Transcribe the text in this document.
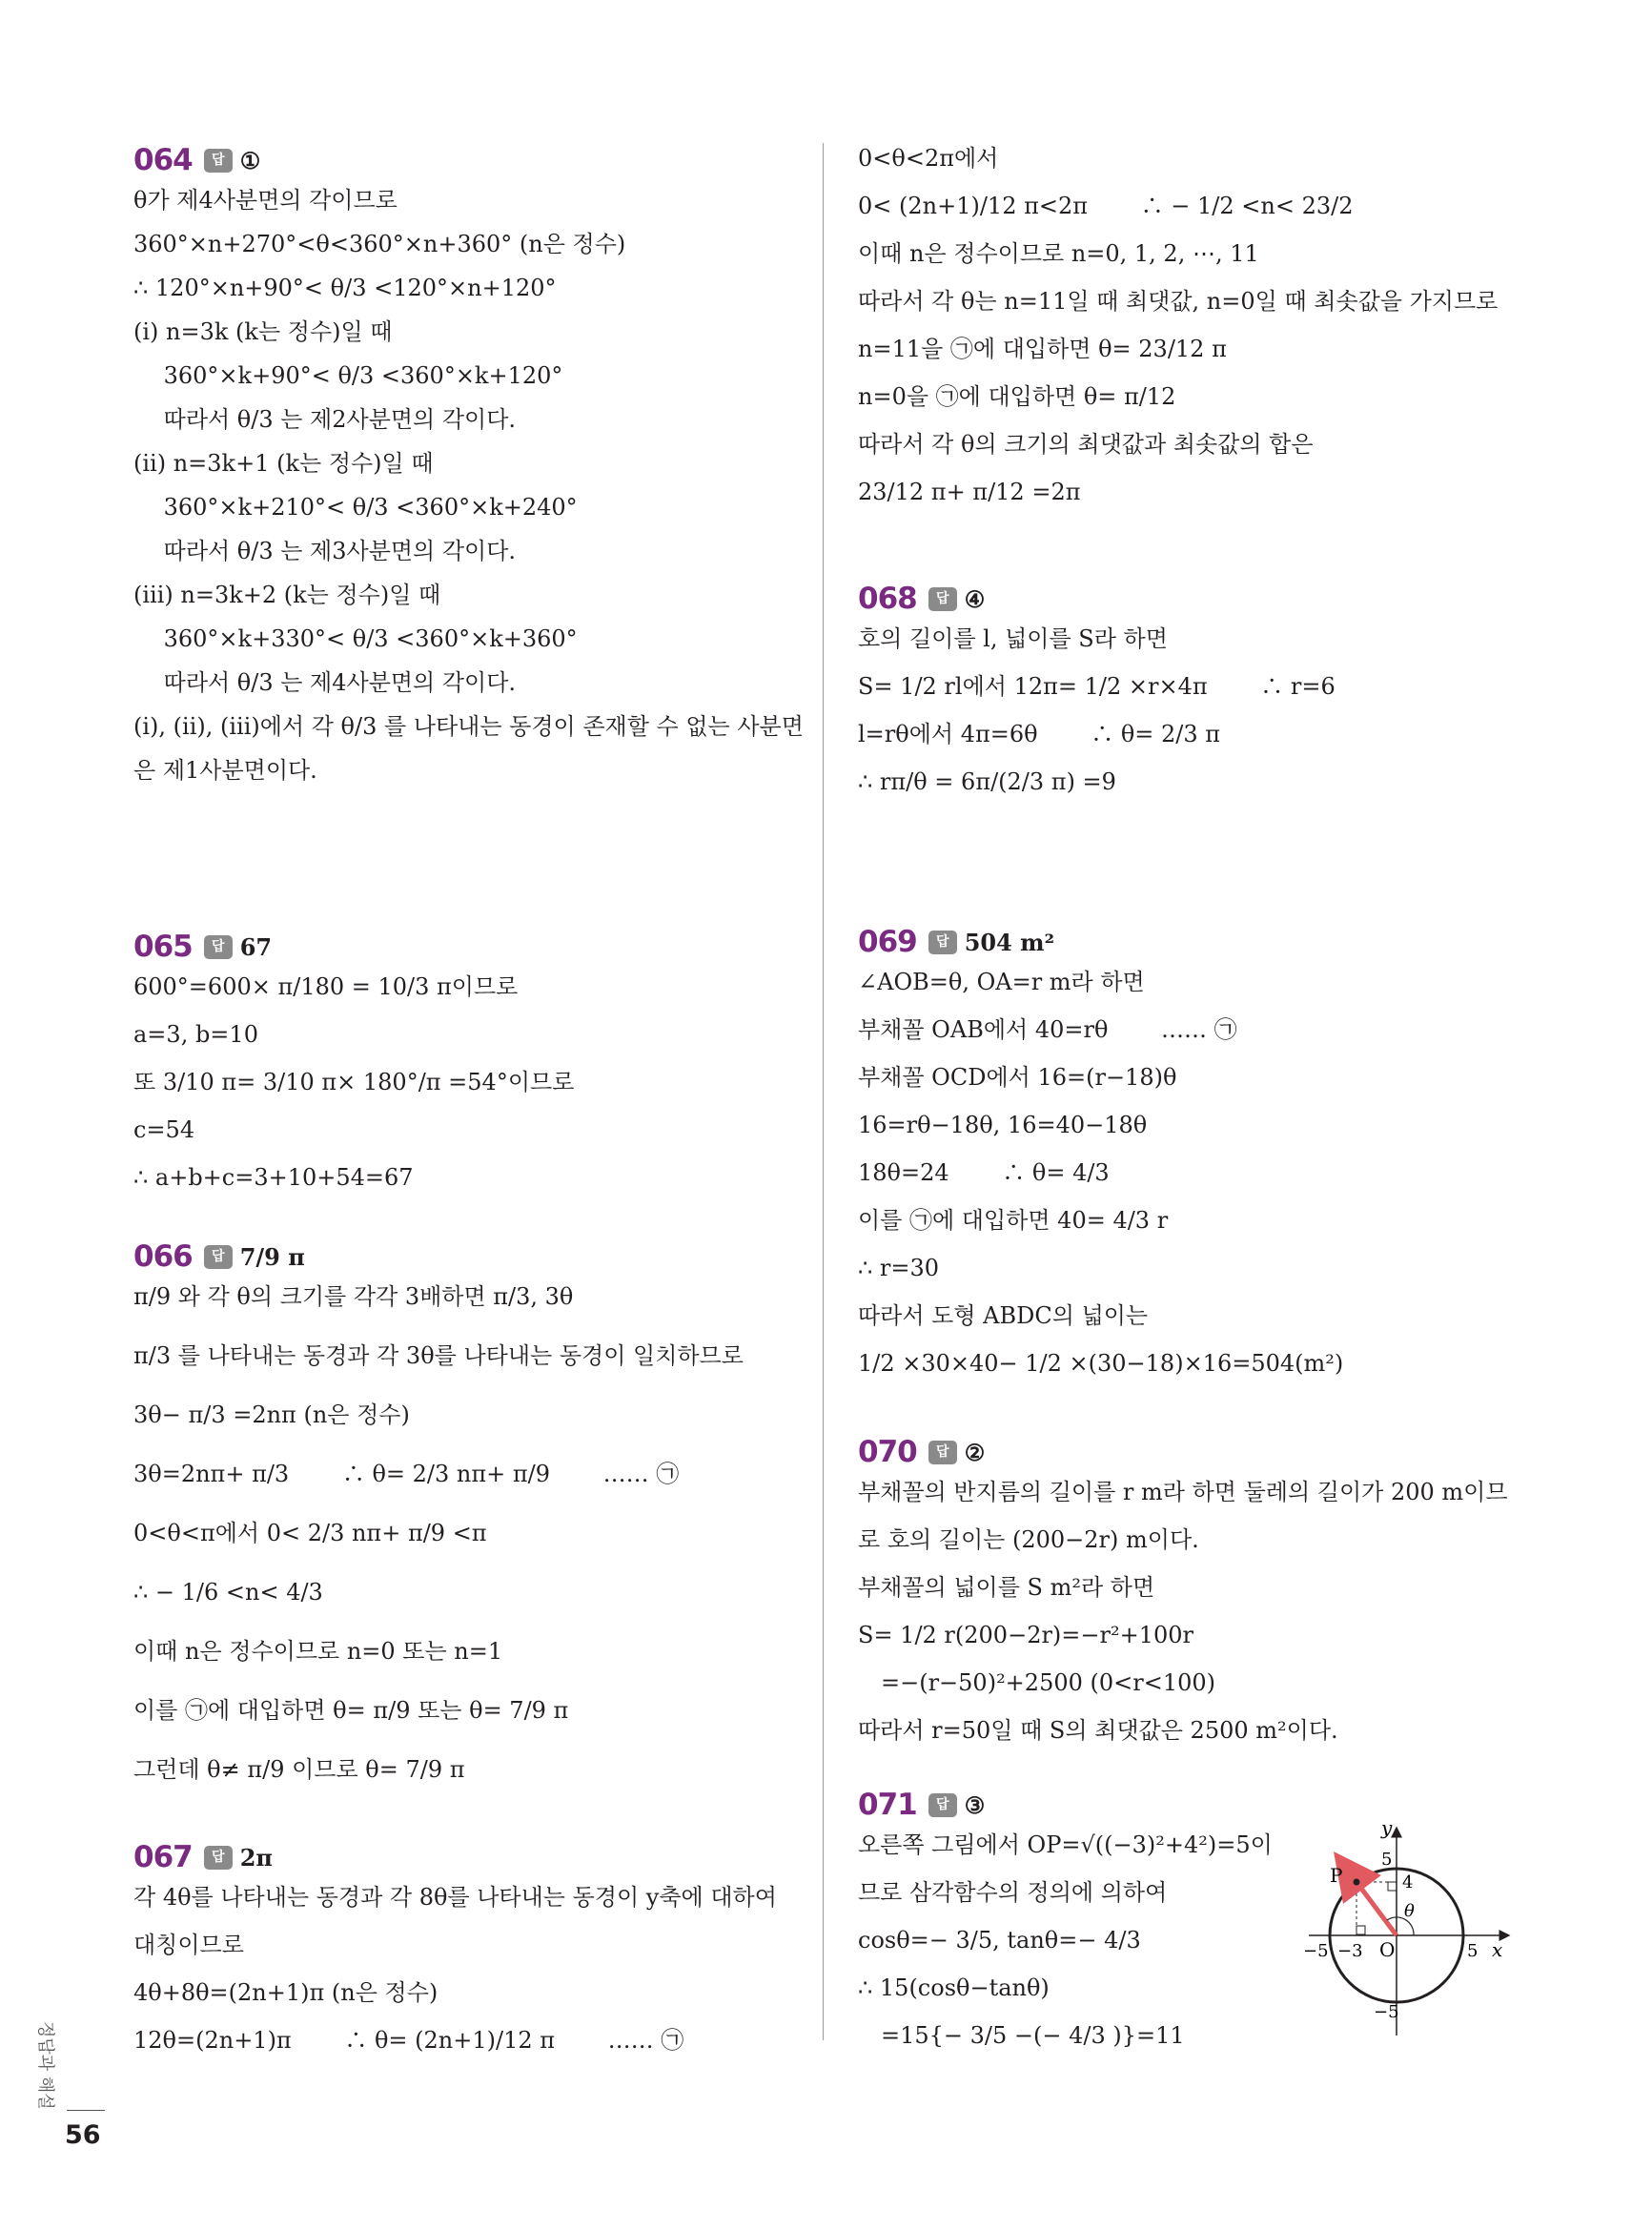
064 답 ①
θ가 제4사분면의 각이므로
360°×n+270°<θ<360°×n+360° (n은 정수)
∴ 120°×n+90°< θ/3 <120°×n+120°
(ⅰ) n=3k (k는 정수)일 때
　 360°×k+90°< θ/3 <360°×k+120°
　 따라서 θ/3 는 제2사분면의 각이다.
(ⅱ) n=3k+1 (k는 정수)일 때
　 360°×k+210°< θ/3 <360°×k+240°
　 따라서 θ/3 는 제3사분면의 각이다.
(ⅲ) n=3k+2 (k는 정수)일 때
　 360°×k+330°< θ/3 <360°×k+360°
　 따라서 θ/3 는 제4사분면의 각이다.
(ⅰ), (ⅱ), (ⅲ)에서 각 θ/3 를 나타내는 동경이 존재할 수 없는 사분면
은 제1사분면이다.
065 답 67
600°=600× π/180 = 10/3 π이므로
a=3, b=10
또 3/10 π= 3/10 π× 180°/π =54°이므로
c=54
∴ a+b+c=3+10+54=67
066 답 7/9 π
π/9 와 각 θ의 크기를 각각 3배하면 π/3, 3θ
π/3 를 나타내는 동경과 각 3θ를 나타내는 동경이 일치하므로
3θ− π/3 =2nπ (n은 정수)
3θ=2nπ+ π/3 　　∴ θ= 2/3 nπ+ π/9 　　…… ㉠
0<θ<π에서 0< 2/3 nπ+ π/9 <π
∴ − 1/6 <n< 4/3
이때 n은 정수이므로 n=0 또는 n=1
이를 ㉠에 대입하면 θ= π/9 또는 θ= 7/9 π
그런데 θ≠ π/9 이므로 θ= 7/9 π
067 답 2π
각 4θ를 나타내는 동경과 각 8θ를 나타내는 동경이 y축에 대하여
대칭이므로
4θ+8θ=(2n+1)π (n은 정수)
12θ=(2n+1)π 　　∴ θ= (2n+1)/12 π 　　…… ㉠
0<θ<2π에서
0< (2n+1)/12 π<2π 　　∴ − 1/2 <n< 23/2
이때 n은 정수이므로 n=0, 1, 2, ⋯, 11
따라서 각 θ는 n=11일 때 최댓값, n=0일 때 최솟값을 가지므로
n=11을 ㉠에 대입하면 θ= 23/12 π
n=0을 ㉠에 대입하면 θ= π/12
따라서 각 θ의 크기의 최댓값과 최솟값의 합은
23/12 π+ π/12 =2π
068 답 ④
호의 길이를 l, 넓이를 S라 하면
S= 1/2 rl에서 12π= 1/2 ×r×4π 　　∴ r=6
l=rθ에서 4π=6θ 　　∴ θ= 2/3 π
∴ rπ/θ = 6π/(2/3 π) =9
069 답 504 m²
∠AOB=θ, OA=r m라 하면
부채꼴 OAB에서 40=rθ 　　…… ㉠
부채꼴 OCD에서 16=(r−18)θ
16=rθ−18θ, 16=40−18θ
18θ=24 　　∴ θ= 4/3
이를 ㉠에 대입하면 40= 4/3 r
∴ r=30
따라서 도형 ABDC의 넓이는
1/2 ×30×40− 1/2 ×(30−18)×16=504(m²)
070 답 ②
부채꼴의 반지름의 길이를 r m라 하면 둘레의 길이가 200 m이므
로 호의 길이는 (200−2r) m이다.
부채꼴의 넓이를 S m²라 하면
S= 1/2 r(200−2r)=−r²+100r
　=−(r−50)²+2500 (0<r<100)
따라서 r=50일 때 S의 최댓값은 2500 m²이다.
071 답 ③
오른쪽 그림에서 OP=√((−3)²+4²)=5이
므로 삼각함수의 정의에 의하여
cosθ=− 3/5, tanθ=− 4/3
∴ 15(cosθ−tanθ)
　=15{− 3/5 −(− 4/3 )}=11
y
x
P
O
θ
5
−5
−5	5
−3
4
정답과 해설
56
